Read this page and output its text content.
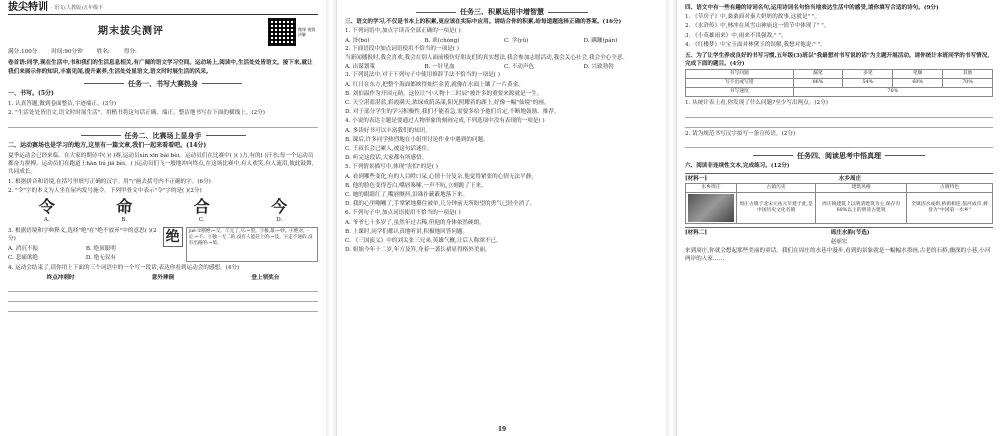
拔尖特训 · 语文(人教版)五年级下
期末拔尖测评	微课 视频 讲解
满分:100分	时间:90分钟	姓名:	得分:

卷首语:同学,现在生活中,书和我们的生活息息相关,有广阔的语文学习空间。运动场上,阅读中,生活处处皆语文。接下来,就让我们来展示你的知识,丰富见闻,提升素养,生活处处显语文,语文时时展生活的风采。

任务一、书写大赛热身

一、书写。(5分)

1. 认真答题,做到卷面整洁,字迹端正。(3分)

2. "生活处处皆语文,语文时时展生活"。用楷书将这句话正确、端正、整洁地书写在下面的横线上。(2分)

任务二、比赛场上显身手

二、运动赛场也是学习的地方,这里有一篇文章,我们一起来看看吧。(14分)

夏季运动会已经来临。在大家的期待中( )( )赛,运动员xìn xīn bǎi bèi。运动员们在比赛中( )( )力,有的( )汗水;每一个运动员都奋力拼搏。运动员们在跑道上hàn liú jiā bèi。( )运动员们飞一般地冲向终点,在这场比赛中,有人欢笑,有人流泪,彼此鼓舞,共同成长。

1. 根据拼音和语境,在括号里填写正确的汉字。用"\"画去括号内不正确的字。(6分)

2. "令"字的本义为人坐在屋内发号施令。下列甲骨文中表示"令"字的是( )(2分)

令
A.
命
B.
合
C.
今
D.

3. 根据语境和字典释义,选择"绝"在"绝不放弃"中的意思( )(2分)

A. 消沉不振	B. 绝顶聪明
C. 悲痛欲绝	D. 绝无仅有
绝	jué ①断绝:~交。②完了,尽:~望。③极,最:~妙。④绝对,一定:~不。⑤独一无二的,没有人能赶上的:~技。⑥走不通的,没有出路的:~境。

4. 运动会结束了,请你用上下面的三个词语中的一个写一段话,表达你看到运动会的感想。(4分)

终点冲刺时	意外摔倒	登上领奖台
任务三、积累运用中增智慧

三、语文的学习,不仅是书本上的积累,更应该在实际中应用。请结合你的积累,给每道题选择正确的答案。(16分)

1. 下列词语中,加点字读音全部正确的一项是( )

A. 泽(bó)	B. 乖(chóng)	C. 学(yǔ)	D. 蹒跚(pán)

2. 下面语段中加点词语使用不恰当的一项是( )

当新闻播报时,我会喜欢,我会在别人面前模仿好朋友们的真实想法,我会参加志愿活动,我会关心社会,我会全心全意。

A. 出谋划策	B. 一针见血	C. 不动声色	D. 兴致勃勃

3. 下列说法中,对于下列句子中使用修辞手法不恰当的一项是( )

A. 红日在东方,把整个海面都映得灿烂金黄,就像在水面上镶了一片黄金。

B. 刘伯温作为开国元勋。这位让"小人物十二时辰"被许多的重要来源就是一生。

C. 天空湛蓝湛蓝,彩霞满天,浓绿成荫荡漾,阳光照耀着的湖上,好像一幅"仙境"的画。

D. 对于部分学生的学习积极性,我们不能着急,需要多给予他们肯定,不断地鼓励、推荐。

4. 小说的表达主题是要通过人物形象的刻画完成,下列选项中没有表现的一项是( )

A. 多读好书可以丰富我们的知识。

B. 课后,许多同学热烈地在小组里讨论作业中遇到的问题。

C. 王叔长会已累人,被这句话迷住。

D. 听完这段话,大家都有所感悟。

5. 下列情景描写中,体现"害怕"的是( )

A. 看到哪些变化,有的人目瞪口呆,心情十分复杂,他觉得紧张的心情无法平静。

B. 他的脸色变得苍白,嘴唇哆嗦,一声不吭,立刻跪了下来。

C. 她的眼睛红了,嘴唇颤抖,泪珠扑簌簌地落下来。

D. 我的心里嘣嘣了,手掌紧地攥住被单,几分钟前天所盼望的勇气已经全消了。

6. 下列句子中,加点词语使用不恰当的一项是( )

A. 爷爷七十多岁了,虽然年过古稀,但他的身体依然硬朗。

B. 上课时,同学们都认真地听讲,积极地回答问题。

C. 《三国演义》中的刘关张三兄弟,英雄气概,让后人称颂不已。

D. 姐姐今年十二岁,年方及笄,身着一袭长裙显得格外美丽。

19

四、语文中有一些有趣的诗词名句,运用诗词名句恰当地表达生活中的感受,请你填写合适的诗句。(9分)

1. 《草房子》中,桑桑面对秦大奶奶的故事,这就是" "。

2. 《水浒传》中,林冲在风雪山神庙这一情节中体现了" "。

3. 《小英雄雨来》中,雨来不畏强敌," "。

4. 《红楼梦》中宝玉面对林黛玉的误解,我想对他说:" "。

五、为了让学生养成良好的书写习惯,五年级(3)班以"我最想对书写说的话"为主题开展活动。请你统计本班同学的书写情况,完成下面的题目。(4分)

书写问题	漏笔	多笔	笔顺	其他
写不出或写错	86%	54%	60%	70%
书写速度	76%			

1. 从统计表上看,你发现了什么问题?至少写出两点。(2分)

2. 请为规范书写汉字拟写一条宣传语。(2分)

任务四、阅读思考中悟真理

六、阅读非连续性文本,完成练习。(12分)

[材料一]	水乡周庄
水乡周庄	古镇历史	建筑风格	古镇特色

	周庄古镇于北宋元祐元年建于此,是中国历史文化名镇	周庄镇建筑上以明清建筑为主,保存有60%以上的明清古建筑	全镇因水成街,桥街相连,依河成市,被誉为"中国第一水乡"
[材料二]	周庄水韵(节选)

赵丽宏

来到周庄,你就会想起那些美丽的童话。我们在周庄的水巷中漫步,看到的景象就是一幅幅水墨画,古老的石桥,幽深的小巷,小河两岸的人家……
